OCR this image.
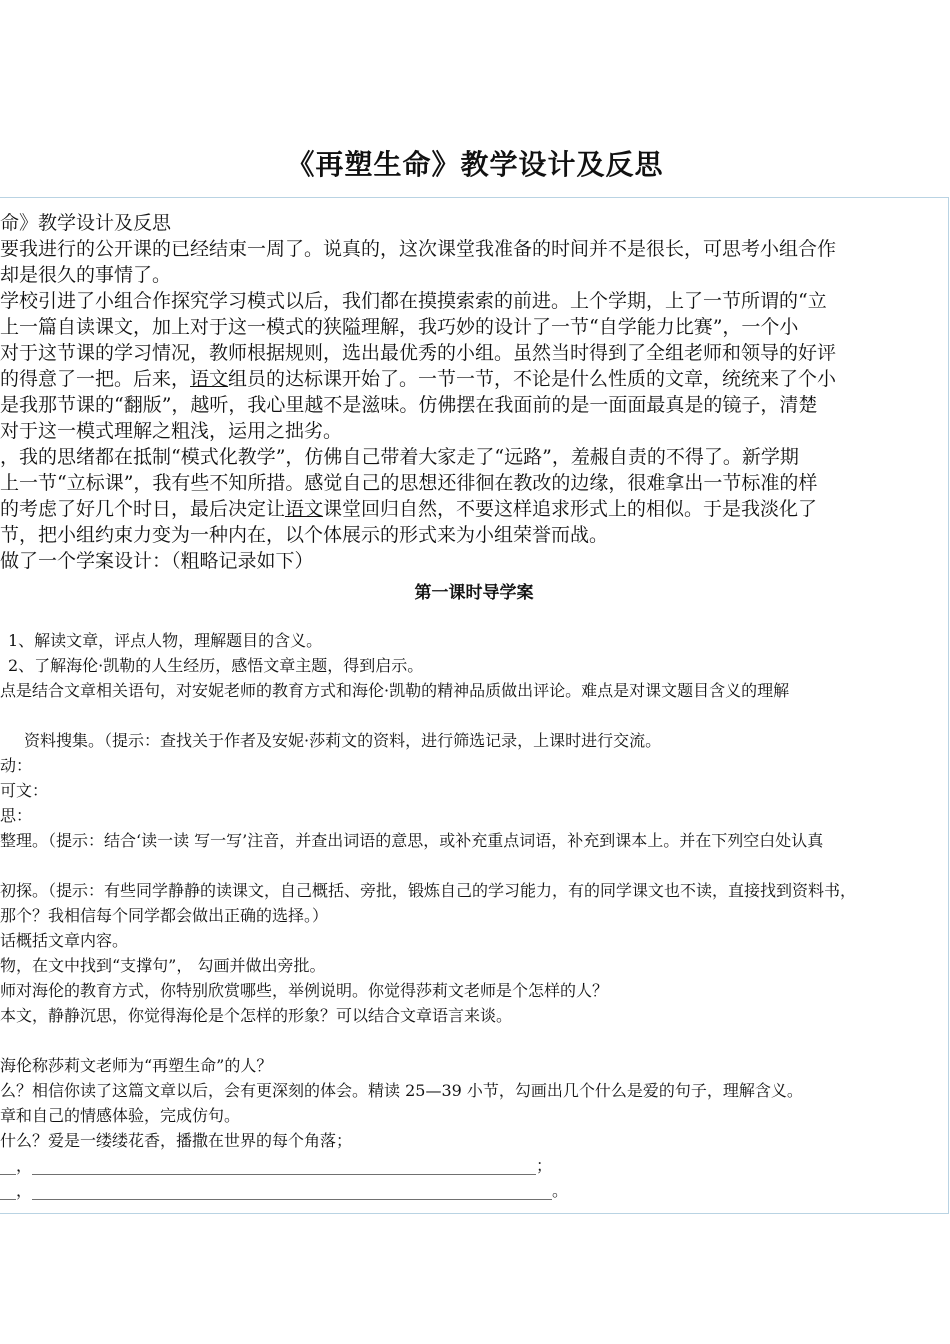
《再塑生命》教学设计及反思
命》教学设计及反思
要我进行的公开课的已经结束一周了。说真的，这次课堂我准备的时间并不是很长，可思考小组合作
却是很久的事情了。
学校引进了小组合作探究学习模式以后，我们都在摸摸索索的前进。上个学期，上了一节所谓的“立
上一篇自读课文，加上对于这一模式的狭隘理解，我巧妙的设计了一节“自学能力比赛”，一个小
对于这节课的学习情况，教师根据规则，选出最优秀的小组。虽然当时得到了全组老师和领导的好评
的得意了一把。后来，语文组员的达标课开始了。一节一节，不论是什么性质的文章，统统来了个小
是我那节课的“翻版”，越听，我心里越不是滋味。仿佛摆在我面前的是一面面最真是的镜子，清楚
对于这一模式理解之粗浅，运用之拙劣。
，我的思绪都在抵制“模式化教学”，仿佛自己带着大家走了“远路”，羞赧自责的不得了。新学期
上一节“立标课”，我有些不知所措。感觉自己的思想还徘徊在教改的边缘，很难拿出一节标准的样
的考虑了好几个时日，最后决定让语文课堂回归自然，不要这样追求形式上的相似。于是我淡化了
节，把小组约束力变为一种内在，以个体展示的形式来为小组荣誉而战。
做了一个学案设计：（粗略记录如下）
第一课时导学案
1、解读文章，评点人物，理解题目的含义。
2、了解海伦·凯勒的人生经历，感悟文章主题，得到启示。
点是结合文章相关语句，对安妮老师的教育方式和海伦·凯勒的精神品质做出评论。难点是对课文题目含义的理解
资料搜集。（提示：查找关于作者及安妮·莎莉文的资料，进行筛选记录，上课时进行交流。
动：
可文：
思：
整理。（提示：结合‘读一读 写一写’注音，并查出词语的意思，或补充重点词语，补充到课本上。并在下列空白处认真
初探。（提示：有些同学静静的读课文，自己概括、旁批，锻炼自己的学习能力，有的同学课文也不读，直接找到资料书，
那个？我相信每个同学都会做出正确的选择。）
话概括文章内容。
物，在文中找到“支撑句”， 勾画并做出旁批。
师对海伦的教育方式，你特别欣赏哪些，举例说明。你觉得莎莉文老师是个怎样的人？
本文，静静沉思，你觉得海伦是个怎样的形象？可以结合文章语言来谈。
海伦称莎莉文老师为“再塑生命”的人？
么？相信你读了这篇文章以后，会有更深刻的体会。精读 25—39 小节，勾画出几个什么是爱的句子，理解含义。
章和自己的情感体验，完成仿句。
什么？爱是一缕缕花香，播撒在世界的每个角落；
__，_______________________________________________________________；
__，_________________________________________________________________。
